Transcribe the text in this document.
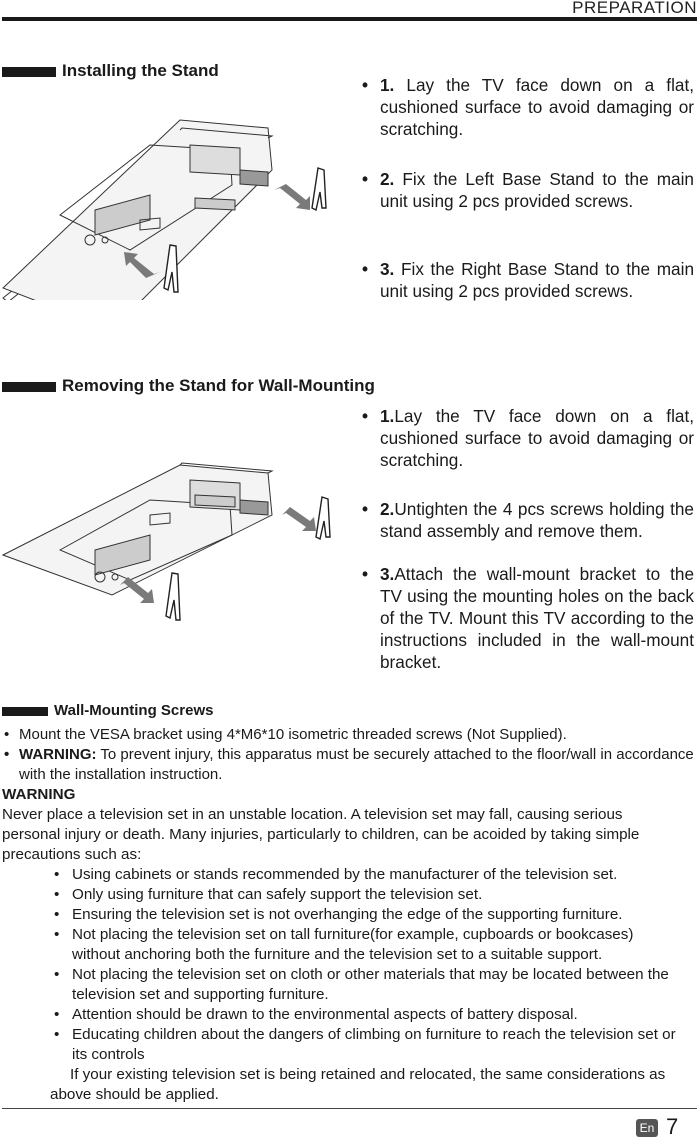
PREPARATION
Installing the Stand
• 1. Lay the TV face down on a flat, cushioned surface to avoid damaging or scratching.
• 2. Fix the Left Base Stand to the main unit using 2 pcs provided screws.
• 3. Fix the Right Base Stand to the main unit using 2 pcs provided screws.
Removing the Stand for Wall-Mounting
• 1.Lay the TV face down on a flat, cushioned surface to avoid damaging or scratching.
• 2.Untighten the 4 pcs screws holding the stand assembly and remove them.
• 3.Attach the wall-mount bracket to the TV using the mounting holes on the back of the TV. Mount this TV according to the instructions included in the wall-mount bracket.
Wall-Mounting Screws
• Mount the VESA bracket using 4*M6*10 isometric threaded screws (Not Supplied).
• WARNING: To prevent injury, this apparatus must be securely attached to the floor/wall in accordance with the installation instruction.
WARNING
Never place a television set in an unstable location. A television set may fall, causing serious personal injury or death. Many injuries, particularly to children, can be acoided by taking simple precautions such as:
• Using cabinets or stands recommended by the manufacturer of the television set.
• Only using furniture that can safely support the television set.
• Ensuring the television set is not overhanging the edge of the supporting furniture.
• Not placing the television set on tall furniture(for example, cupboards or bookcases) without anchoring both the furniture and the television set to a suitable support.
• Not placing the television set on cloth or other materials that may be located between the television set and supporting furniture.
• Attention should be drawn to the environmental aspects of battery disposal.
• Educating children about the dangers of climbing on furniture to reach the television set or its controls
If your existing television set is being retained and relocated, the same considerations as above should be applied.
En 7
